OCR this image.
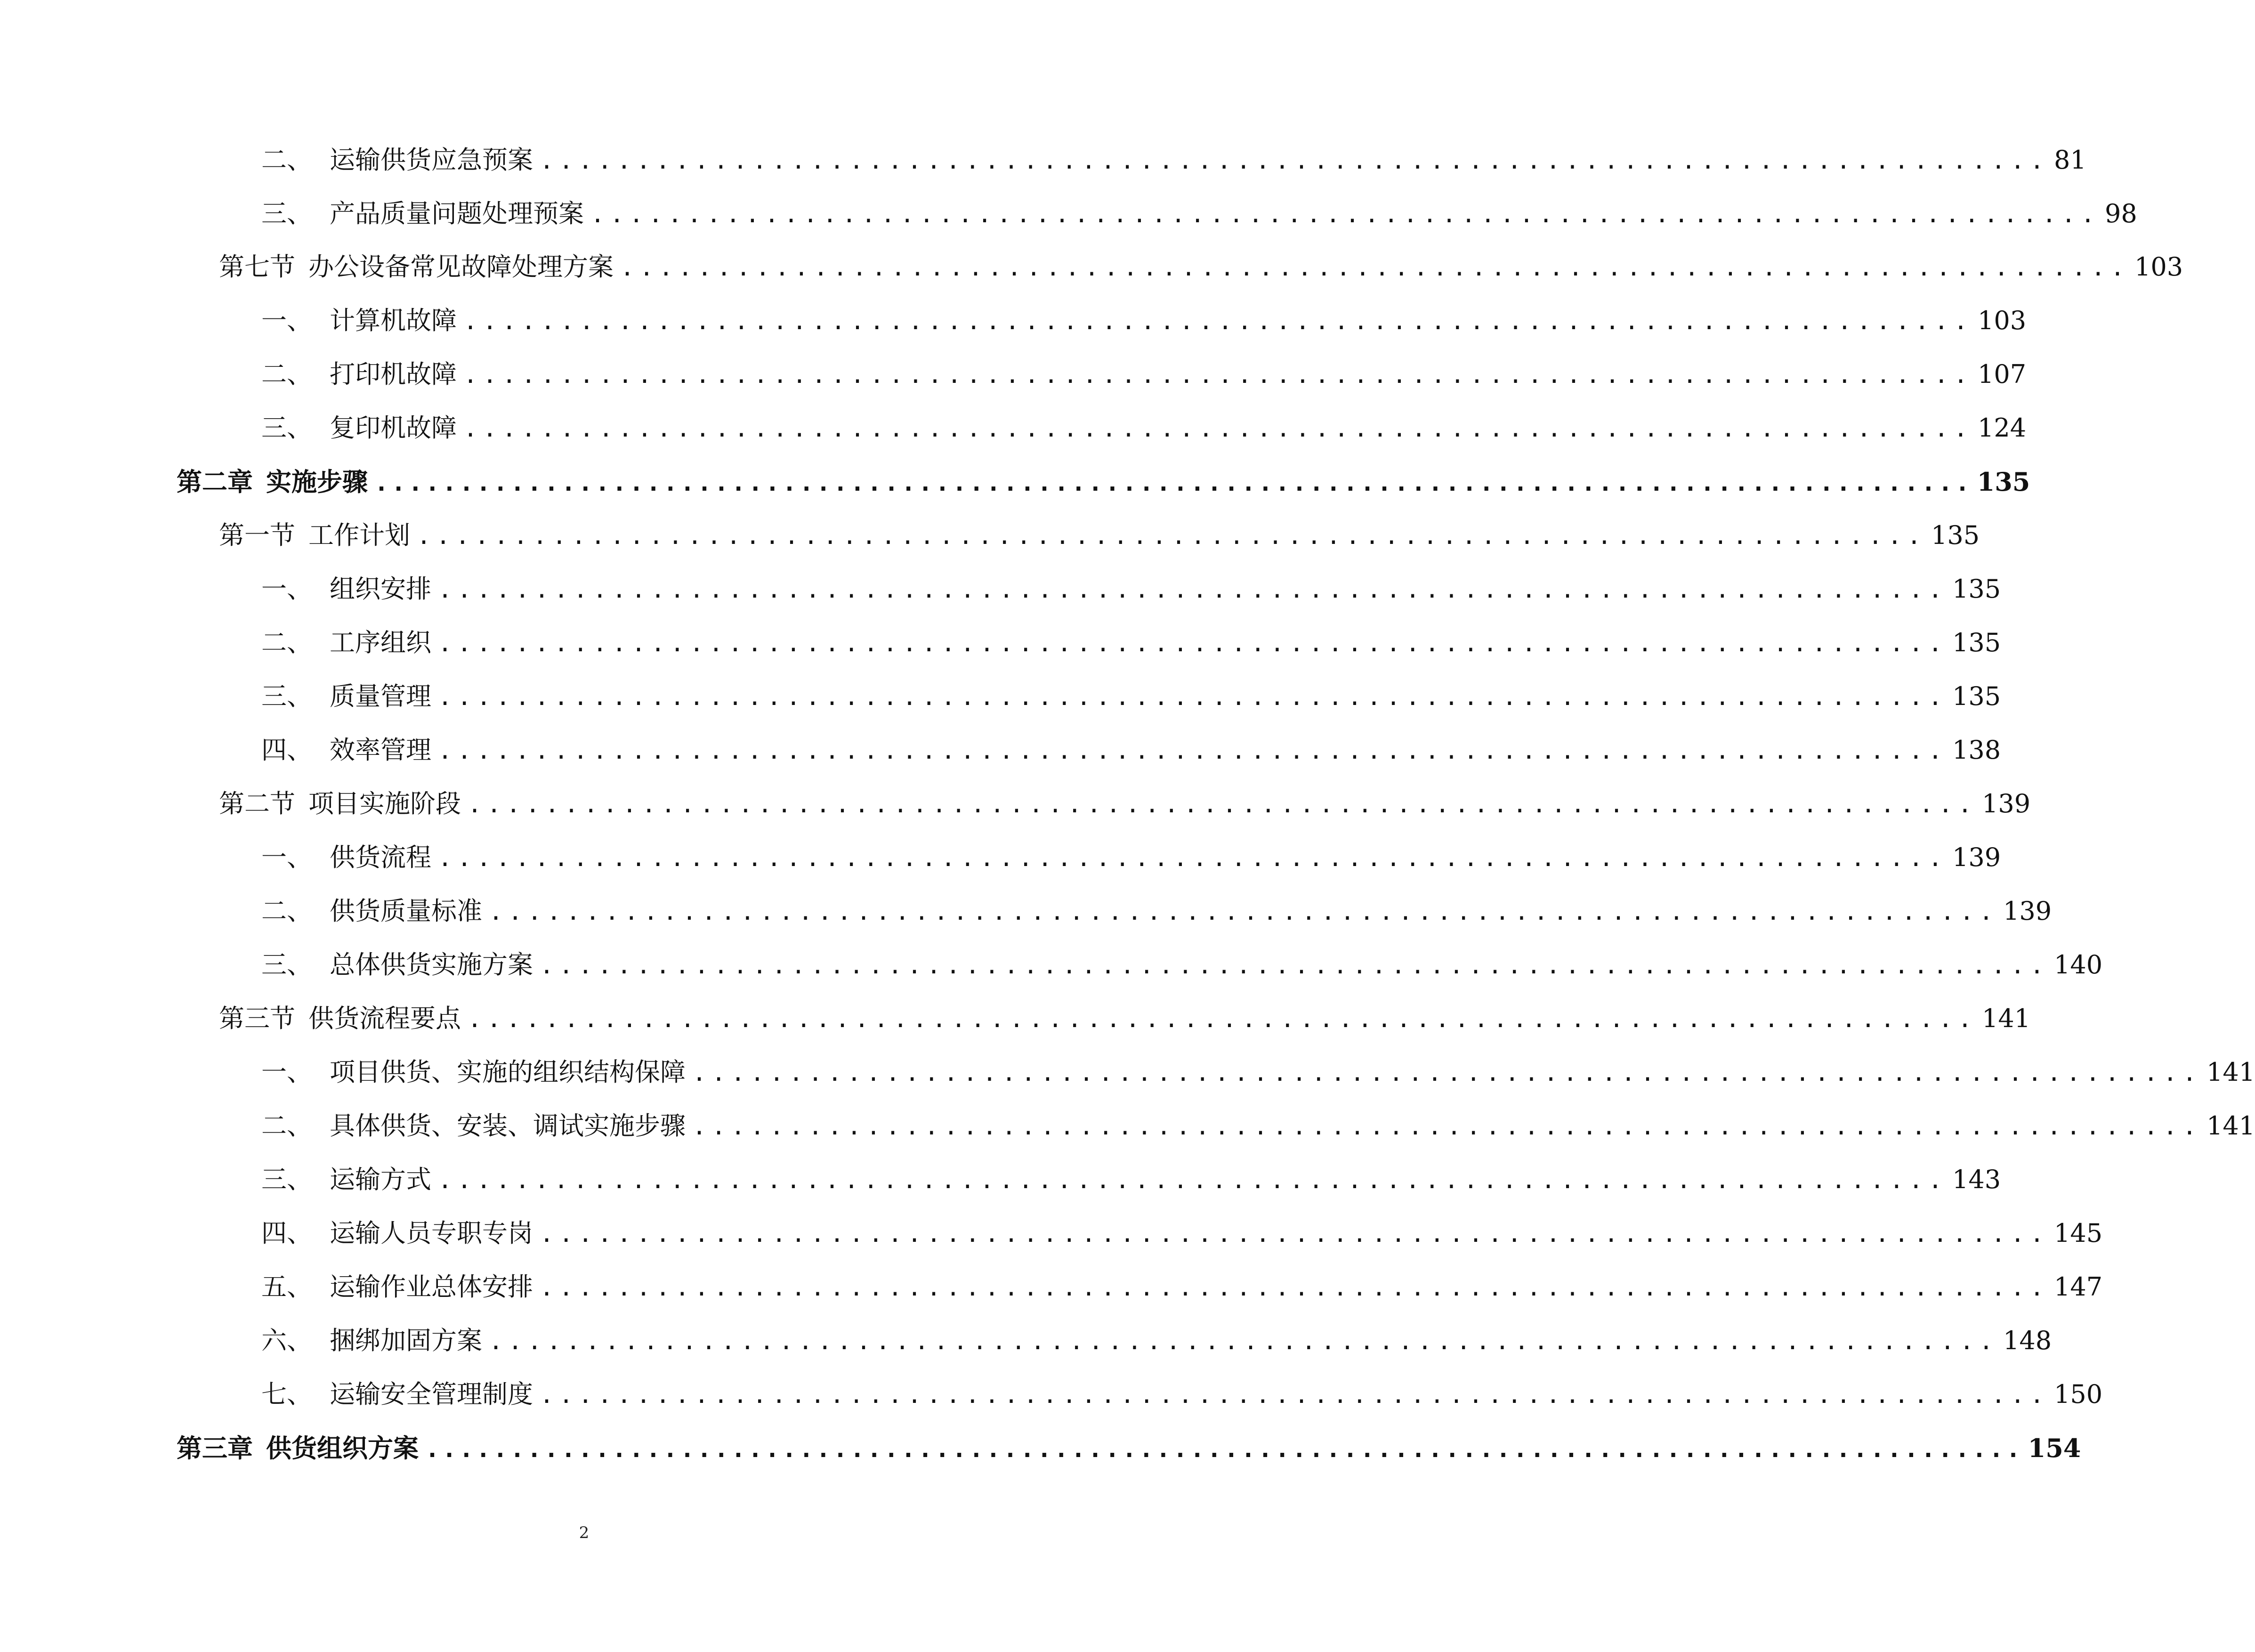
二、 运输供货应急预案 .............................................................................. 81
三、 产品质量问题处理预案 .............................................................................. 98
第七节 办公设备常见故障处理方案 .............................................................................. 103
一、 计算机故障 .............................................................................. 103
二、 打印机故障 .............................................................................. 107
三、 复印机故障 .............................................................................. 124
第二章 实施步骤 .............................................................................................. 135
第一节 工作计划 .............................................................................. 135
一、 组织安排 .............................................................................. 135
二、 工序组织 .............................................................................. 135
三、 质量管理 .............................................................................. 135
四、 效率管理 .............................................................................. 138
第二节 项目实施阶段 .............................................................................. 139
一、 供货流程 .............................................................................. 139
二、 供货质量标准 .............................................................................. 139
三、 总体供货实施方案 .............................................................................. 140
第三节 供货流程要点 .............................................................................. 141
一、 项目供货、实施的组织结构保障 .............................................................................. 141
二、 具体供货、安装、调试实施步骤 .............................................................................. 141
三、 运输方式 .............................................................................. 143
四、 运输人员专职专岗 .............................................................................. 145
五、 运输作业总体安排 .............................................................................. 147
六、 捆绑加固方案 .............................................................................. 148
七、 运输安全管理制度 .............................................................................. 150
第三章 供货组织方案 .............................................................................................. 154
2
